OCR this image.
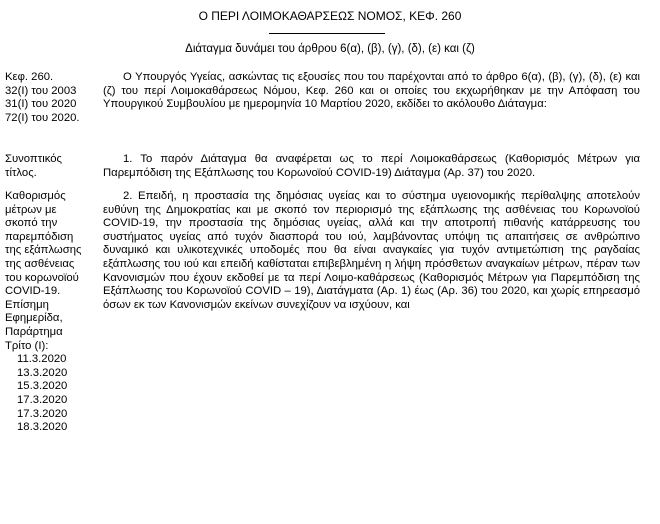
Ο ΠΕΡΙ ΛΟΙΜΟΚΑΘΑΡΣΕΩΣ ΝΟΜΟΣ, ΚΕΦ. 260
Διάταγμα δυνάμει του άρθρου 6(α), (β), (γ), (δ), (ε) και (ζ)
Κεφ. 260.
32(Ι) του 2003
31(Ι) του 2020
72(Ι) του 2020.

Ο Υπουργός Υγείας, ασκώντας τις εξουσίες που του παρέχονται από το άρθρο 6(α), (β), (γ), (δ), (ε) και (ζ) του περί Λοιμοκαθάρσεως Νόμου, Κεφ. 260 και οι οποίες του εκχωρήθηκαν με την Απόφαση του Υπουργικού Συμβουλίου με ημερομηνία 10 Μαρτίου 2020, εκδίδει το ακόλουθο Διάταγμα:

Συνοπτικός
τίτλος.

1. Το παρόν Διάταγμα θα αναφέρεται ως το περί Λοιμοκαθάρσεως (Καθορισμός Μέτρων για Παρεμπόδιση της Εξάπλωσης του Κορωνοϊού COVID-19) Διάταγμα (Αρ. 37) του 2020.

Καθορισμός
μέτρων με
σκοπό την
παρεμπόδιση
της εξάπλωσης
της ασθένειας
του κορωνοϊού
COVID-19.
Επίσημη
Εφημερίδα,
Παράρτημα
Τρίτο (Ι):
11.3.2020
13.3.2020
15.3.2020
17.3.2020
17.3.2020
18.3.2020

2. Επειδή, η προστασία της δημόσιας υγείας και το σύστημα υγειονομικής περίθαλψης αποτελούν ευθύνη της Δημοκρατίας και με σκοπό τον περιορισμό της εξάπλωσης της ασθένειας του Κορωνοϊού COVID-19, την προστασία της δημόσιας υγείας, αλλά και την αποτροπή πιθανής κατάρρευσης του συστήματος υγείας από τυχόν διασπορά του ιού, λαμβάνοντας υπόψη τις απαιτήσεις σε ανθρώπινο δυναμικό και υλικοτεχνικές υποδομές που θα είναι αναγκαίες για τυχόν αντιμετώπιση της ραγδαίας εξάπλωσης του ιού και επειδή καθίσταται επιβεβλημένη η λήψη πρόσθετων αναγκαίων μέτρων, πέραν των Κανονισμών που έχουν εκδοθεί με τα περί Λοιμο-καθάρσεως (Καθορισμός Μέτρων για Παρεμπόδιση της Εξάπλωσης του Κορωνοϊού COVID – 19), Διατάγματα (Αρ. 1) έως (Αρ. 36) του 2020, και χωρίς επηρεασμό όσων εκ των Κανονισμών εκείνων συνεχίζουν να ισχύουν, και
